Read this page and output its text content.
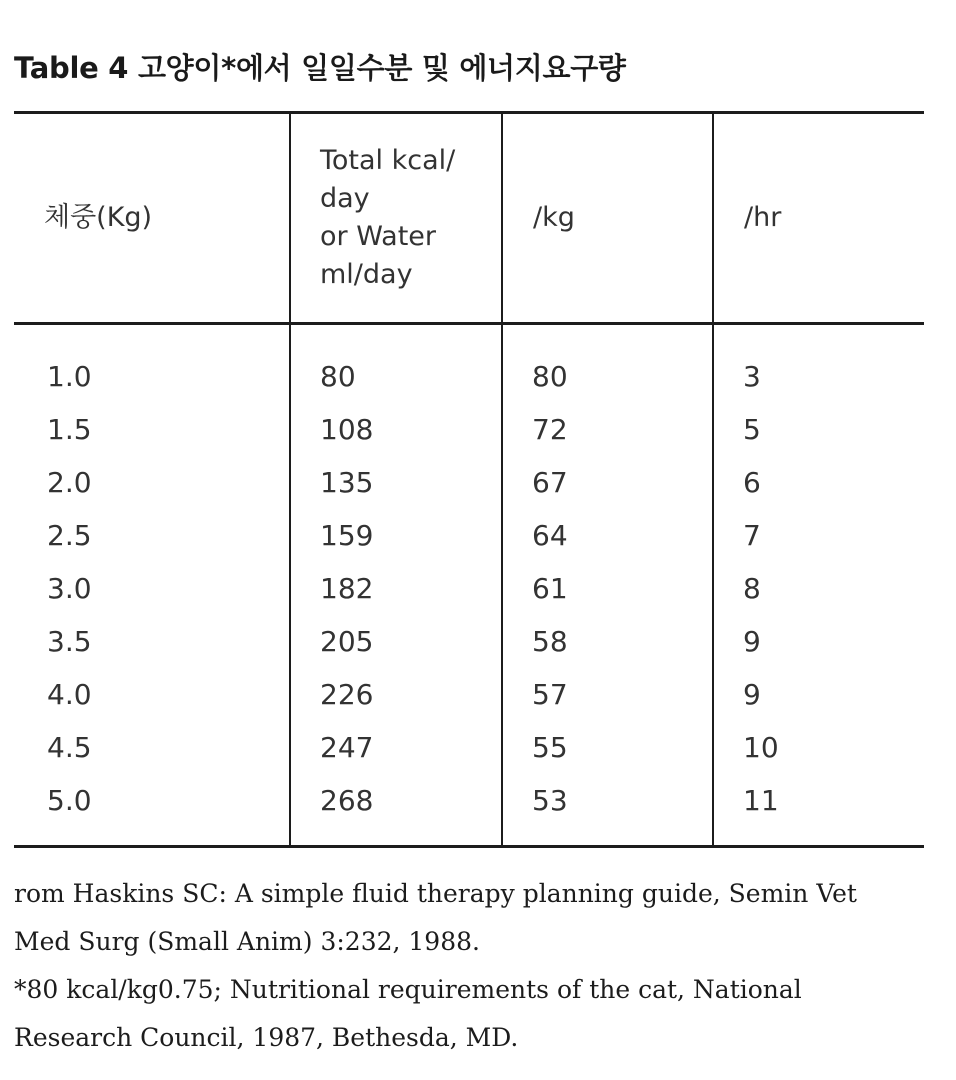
Table 4 고양이*에서 일일수분 및 에너지요구량
체중(Kg)	Total kcal/
day
or Water
ml/day	/kg	/hr
1.0	80	80	3
1.5	108	72	5
2.0	135	67	6
2.5	159	64	7
3.0	182	61	8
3.5	205	58	9
4.0	226	57	9
4.5	247	55	10
5.0	268	53	11

rom Haskins SC: A simple fluid therapy planning guide, Semin Vet

Med Surg (Small Anim) 3:232, 1988.

*80 kcal/kg0.75; Nutritional requirements of the cat, National

Research Council, 1987, Bethesda, MD.
